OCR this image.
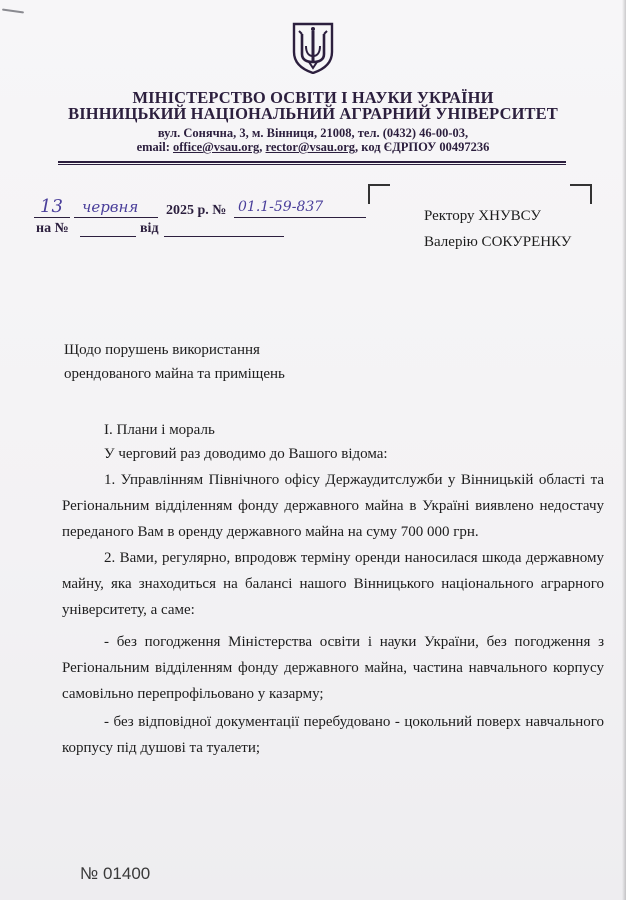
МІНІСТЕРСТВО ОСВІТИ І НАУКИ УКРАЇНИ
ВІННИЦЬКИЙ НАЦІОНАЛЬНИЙ АГРАРНИЙ УНІВЕРСИТЕТ
вул. Сонячна, 3, м. Вінниця, 21008, тел. (0432) 46-00-03,
email: office@vsau.org, rector@vsau.org, код ЄДРПОУ 00497236
13 червня 2025 р. № 01.1-59-837
на №	від
Ректору ХНУВСУ
Валерію СОКУРЕНКУ
Щодо порушень використання
орендованого майна та приміщень
І. Плани і мораль
У черговий раз доводимо до Вашого відома:
1. Управлінням Північного офісу Держаудитслужби у Вінницькій області та
Регіональним відділенням фонду державного майна в Україні виявлено недостачу
переданого Вам в оренду державного майна на суму 700 000 грн.
2. Вами, регулярно, впродовж терміну оренди наносилася шкода державному
майну, яка знаходиться на балансі нашого Вінницького національного аграрного
університету, а саме:
- без погодження Міністерства освіти і науки України, без погодження з
Регіональним відділенням фонду державного майна, частина навчального корпусу
самовільно перепрофільовано у казарму;
- без відповідної документації перебудовано - цокольний поверх навчального
корпусу під душові та туалети;
№ 01400
